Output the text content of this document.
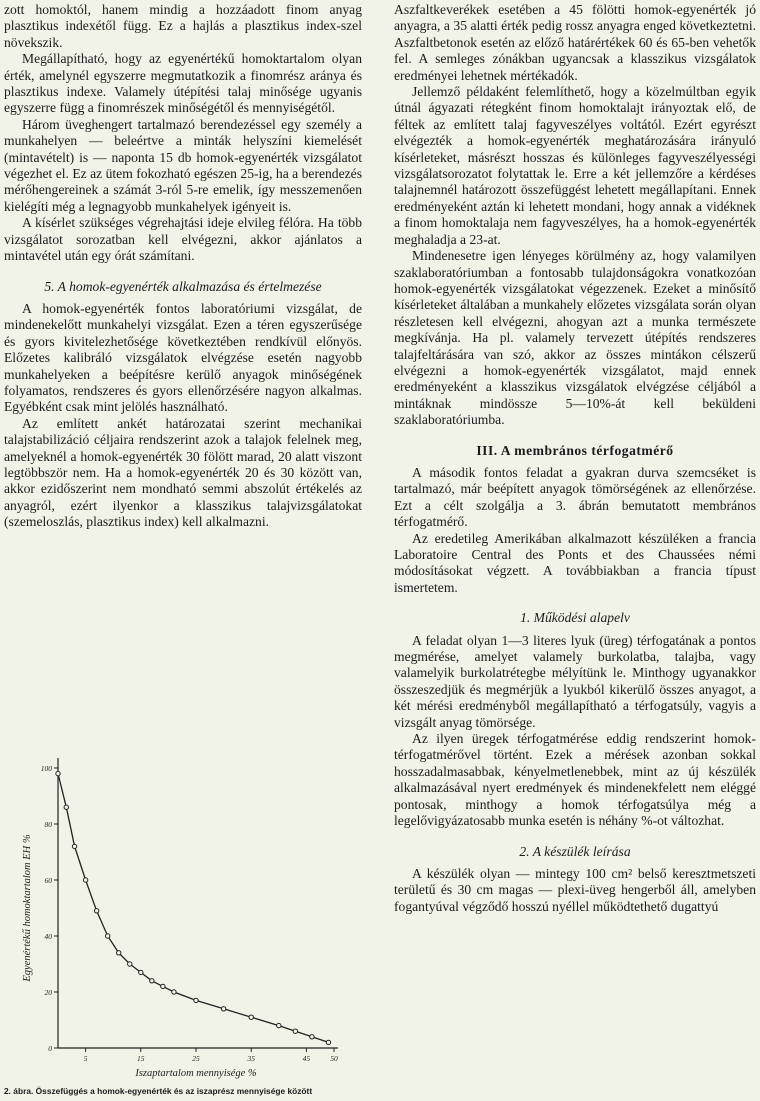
zott homoktól, hanem mindig a hozzáadott finom anyag plasztikus indexétől függ. Ez a hajlás a plasztikus index-szel növekszik.

Megállapítható, hogy az egyenértékű homoktartalom olyan érték, amelynél egyszerre megmutatkozik a finomrész aránya és plasztikus indexe. Valamely útépítési talaj minősége ugyanis egyszerre függ a finomrészek minőségétől és mennyiségétől.

Három üveghengert tartalmazó berendezéssel egy személy a munkahelyen — beleértve a minták helyszíni kiemelését (mintavételt) is — naponta 15 db homok-egyenérték vizsgálatot végezhet el. Ez az ütem fokozható egészen 25-ig, ha a berendezés mérőhengereinek a számát 3-ról 5-re emelik, így messzemenően kielégíti még a legnagyobb munkahelyek igényeit is.

A kísérlet szükséges végrehajtási ideje elvileg félóra. Ha több vizsgálatot sorozatban kell elvégezni, akkor ajánlatos a mintavétel után egy órát számítani.

5. A homok-egyenérték alkalmazása és értelmezése

A homok-egyenérték fontos laboratóriumi vizsgálat, de mindenekelőtt munkahelyi vizsgálat. Ezen a téren egyszerűsége és gyors kivitelezhetősége következtében rendkívül előnyös. Előzetes kalibráló vizsgálatok elvégzése esetén nagyobb munkahelyeken a beépítésre kerülő anyagok minőségének folyamatos, rendszeres és gyors ellenőrzésére nagyon alkalmas. Egyébként csak mint jelölés használható.

Az említett ankét határozatai szerint mechanikai talajstabilizáció céljaira rendszerint azok a talajok felelnek meg, amelyeknél a homok-egyenérték 30 fölött marad, 20 alatt viszont legtöbbször nem. Ha a homok-egyenérték 20 és 30 között van, akkor ezidőszerint nem mondható semmi abszolút értékelés az anyagról, ezért ilyenkor a klasszikus talajvizsgálatokat (szemeloszlás, plasztikus index) kell alkalmazni.

100
80
60
40
20
0
5	15	25	35	45	50
Egyenértékű homoktartalom EH %
Iszaptartalom mennyisége %
2. ábra. Összefüggés a homok-egyenérték és az iszaprész mennyisége között

Aszfaltkeverékek esetében a 45 fölötti homok-egyenérték jó anyagra, a 35 alatti érték pedig rossz anyagra enged következtetni. Aszfaltbetonok esetén az előző határértékek 60 és 65-ben vehetők fel. A semleges zónákban ugyancsak a klasszikus vizsgálatok eredményei lehetnek mértékadók.

Jellemző példaként felemlíthető, hogy a közelmúltban egyik útnál ágyazati rétegként finom homoktalajt irányoztak elő, de féltek az említett talaj fagyveszélyes voltától. Ezért egyrészt elvégezték a homok-egyenérték meghatározására irányuló kísérleteket, másrészt hosszas és különleges fagyveszélyességi vizsgálatsorozatot folytattak le. Erre a két jellemzőre a kérdéses talajnemnél határozott összefüggést lehetett megállapítani. Ennek eredményeként aztán ki lehetett mondani, hogy annak a vidéknek a finom homoktalaja nem fagyveszélyes, ha a homok-egyenérték meghaladja a 23-at.

Mindenesetre igen lényeges körülmény az, hogy valamilyen szaklaboratóriumban a fontosabb tulajdonságokra vonatkozóan homok-egyenérték vizsgálatokat végezzenek. Ezeket a minősítő kísérleteket általában a munkahely előzetes vizsgálata során olyan részletesen kell elvégezni, ahogyan azt a munka természete megkívánja. Ha pl. valamely tervezett útépítés rendszeres talajfeltárására van szó, akkor az összes mintákon célszerű elvégezni a homok-egyenérték vizsgálatot, majd ennek eredményeként a klasszikus vizsgálatok elvégzése céljából a mintáknak mindössze 5—10%-át kell beküldeni szaklaboratóriumba.

III. A membrános térfogatmérő

A második fontos feladat a gyakran durva szemcséket is tartalmazó, már beépített anyagok tömörségének az ellenőrzése. Ezt a célt szolgálja a 3. ábrán bemutatott membrános térfogatmérő.

Az eredetileg Amerikában alkalmazott készüléken a francia Laboratoire Central des Ponts et des Chaussées némi módosításokat végzett. A továbbiakban a francia típust ismertetem.

1. Működési alapelv

A feladat olyan 1—3 literes lyuk (üreg) térfogatának a pontos megmérése, amelyet valamely burkolatba, talajba, vagy valamelyik burkolatrétegbe mélyítünk le. Minthogy ugyanakkor összeszedjük és megmérjük a lyukból kikerülő összes anyagot, a két mérési eredményből megállapítható a térfogatsúly, vagyis a vizsgált anyag tömörsége.

Az ilyen üregek térfogatmérése eddig rendszerint homok-térfogatmérővel történt. Ezek a mérések azonban sokkal hosszadalmasabbak, kényelmetlenebbek, mint az új készülék alkalmazásával nyert eredmények és mindenekfelett nem eléggé pontosak, minthogy a homok térfogatsúlya még a legelővigyázatosabb munka esetén is néhány %-ot változhat.

2. A készülék leírása

A készülék olyan — mintegy 100 cm² belső keresztmetszeti területű és 30 cm magas — plexi-üveg hengerből áll, amelyben fogantyúval végződő hosszú nyéllel működtethető dugattyú
